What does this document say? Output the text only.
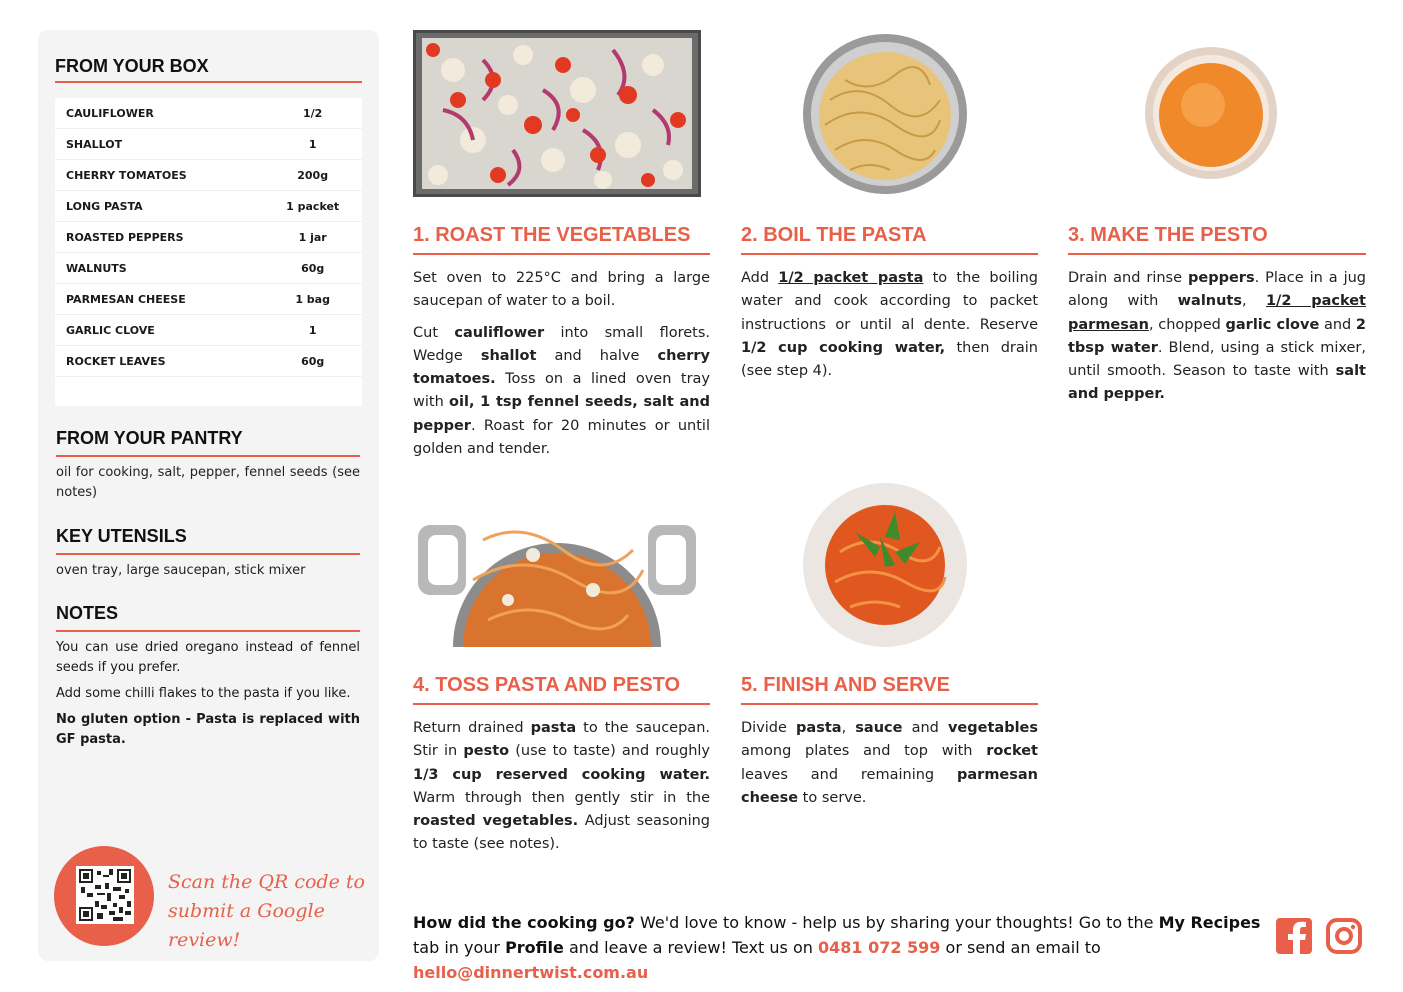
FROM YOUR BOX
CAULIFLOWER	1/2
SHALLOT	1
CHERRY TOMATOES	200g
LONG PASTA	1 packet
ROASTED PEPPERS	1 jar
WALNUTS	60g
PARMESAN CHEESE	1 bag
GARLIC CLOVE	1
ROCKET LEAVES	60g
FROM YOUR PANTRY
oil for cooking, salt, pepper, fennel seeds (see notes)
KEY UTENSILS
oven tray, large saucepan, stick mixer
NOTES

You can use dried oregano instead of fennel seeds if you prefer.

Add some chilli flakes to the pasta if you like.

No gluten option - Pasta is replaced with GF pasta.

Scan the QR code to
submit a Google review!
1. ROAST THE VEGETABLES	2. BOIL THE PASTA	3. MAKE THE PESTO
4. TOSS PASTA AND PESTO	5. FINISH AND SERVE

Set oven to 225°C and bring a large saucepan of water to a boil.

Cut cauliflower into small florets. Wedge shallot and halve cherry tomatoes. Toss on a lined oven tray with oil, 1 tsp fennel seeds, salt and pepper. Roast for 20 minutes or until golden and tender.

Add 1/2 packet pasta to the boiling water and cook according to packet instructions or until al dente. Reserve 1/2 cup cooking water, then drain (see step 4).

Drain and rinse peppers. Place in a jug along with walnuts, 1/2 packet parmesan, chopped garlic clove and 2 tbsp water. Blend, using a stick mixer, until smooth. Season to taste with salt and pepper.

Return drained pasta to the saucepan. Stir in pesto (use to taste) and roughly 1/3 cup reserved cooking water. Warm through then gently stir in the roasted vegetables. Adjust seasoning to taste (see notes).

Divide pasta, sauce and vegetables among plates and top with rocket leaves and remaining parmesan cheese to serve.

How did the cooking go? We'd love to know - help us by sharing your thoughts! Go to the My Recipes tab in your Profile and leave a review! Text us on 0481 072 599 or send an email to hello@dinnertwist.com.au
